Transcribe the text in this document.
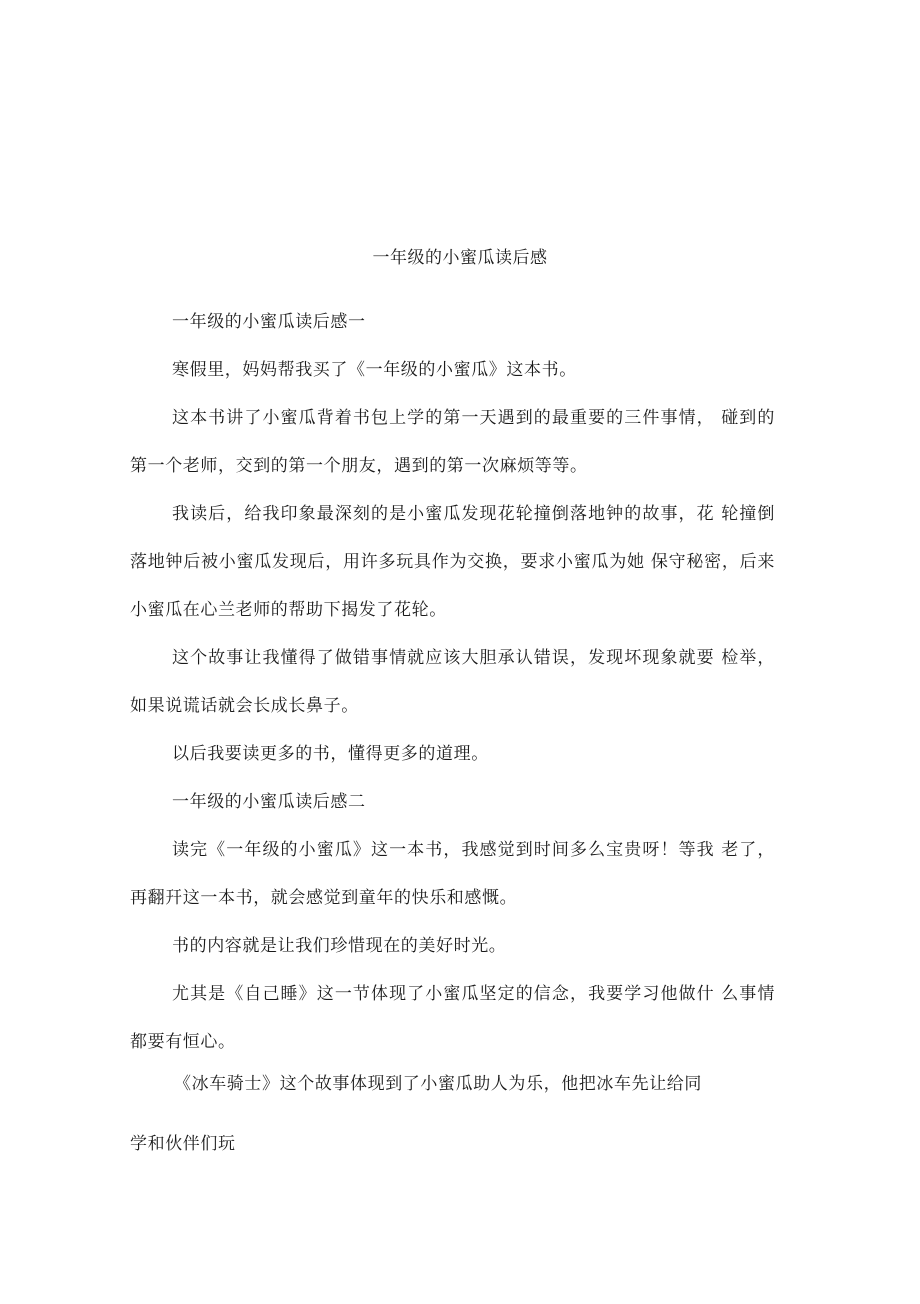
一年级的小蜜瓜读后感
一年级的小蜜瓜读后感一
寒假里，妈妈帮我买了《一年级的小蜜瓜》这本书。
这本书讲了小蜜瓜背着书包上学的第一天遇到的最重要的三件事情， 碰到的第一个老师，交到的第一个朋友，遇到的第一次麻烦等等。
我读后，给我印象最深刻的是小蜜瓜发现花轮撞倒落地钟的故事，花 轮撞倒落地钟后被小蜜瓜发现后，用许多玩具作为交换，要求小蜜瓜为她 保守秘密，后来小蜜瓜在心兰老师的帮助下揭发了花轮。
这个故事让我懂得了做错事情就应该大胆承认错误，发现坏现象就要 检举，如果说谎话就会长成长鼻子。
以后我要读更多的书，懂得更多的道理。
一年级的小蜜瓜读后感二
读完《一年级的小蜜瓜》这一本书，我感觉到时间多么宝贵呀！等我 老了，再翻幵这一本书，就会感觉到童年的快乐和感慨。
书的内容就是让我们珍惜现在的美好时光。
尤其是《自己睡》这一节体现了小蜜瓜坚定的信念，我要学习他做什 么事情都要有恒心。
《冰车骑士》这个故事体现到了小蜜瓜助人为乐，他把冰车先让给同
学和伙伴们玩
